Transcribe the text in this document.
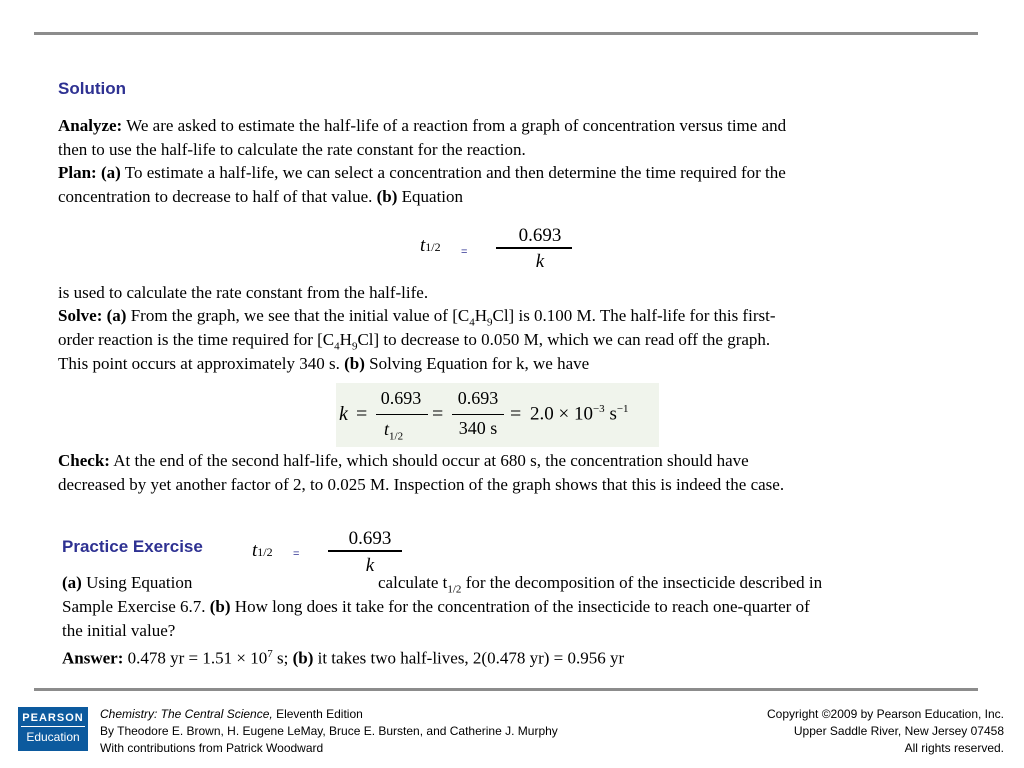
Solution
Analyze: We are asked to estimate the half-life of a reaction from a graph of concentration versus time and
then to use the half-life to calculate the rate constant for the reaction.
Plan: (a) To estimate a half-life, we can select a concentration and then determine the time required for the
concentration to decrease to half of that value. (b) Equation
t1/2 =
0.693
k
is used to calculate the rate constant from the half-life.
Solve: (a) From the graph, we see that the initial value of $[C_4H_9Cl]$ is 0.100 M. The half-life for this first-
order reaction is the time required for $[C_4H_9Cl]$ to decrease to 0.050 M, which we can read off the graph.
This point occurs at approximately 340 s. (b) Solving Equation for k, we have
k =
0.693
$t_{1/2}$
=
0.693
340 s
= $2.0 \times 10^{-3}$ $s^{-1}$
Check: At the end of the second half-life, which should occur at 680 s, the concentration should have
decreased by yet another factor of 2, to 0.025 M. Inspection of the graph shows that this is indeed the case.
Practice Exercise	t1/2 =
0.693
k
(a) Using Equation	calculate $t_{1/2}$ for the decomposition of the insecticide described in
Sample Exercise 6.7. (b) How long does it take for the concentration of the insecticide to reach one-quarter of
the initial value?
Answer: 0.478 yr = $1.51 \times 10^7$ s; (b) it takes two half-lives, 2(0.478 yr) = 0.956 yr
PEARSON
Education
Chemistry: The Central Science, Eleventh Edition
By Theodore E. Brown, H. Eugene LeMay, Bruce E. Bursten, and Catherine J. Murphy
With contributions from Patrick Woodward
Copyright ©2009 by Pearson Education, Inc.
Upper Saddle River, New Jersey 07458
All rights reserved.
